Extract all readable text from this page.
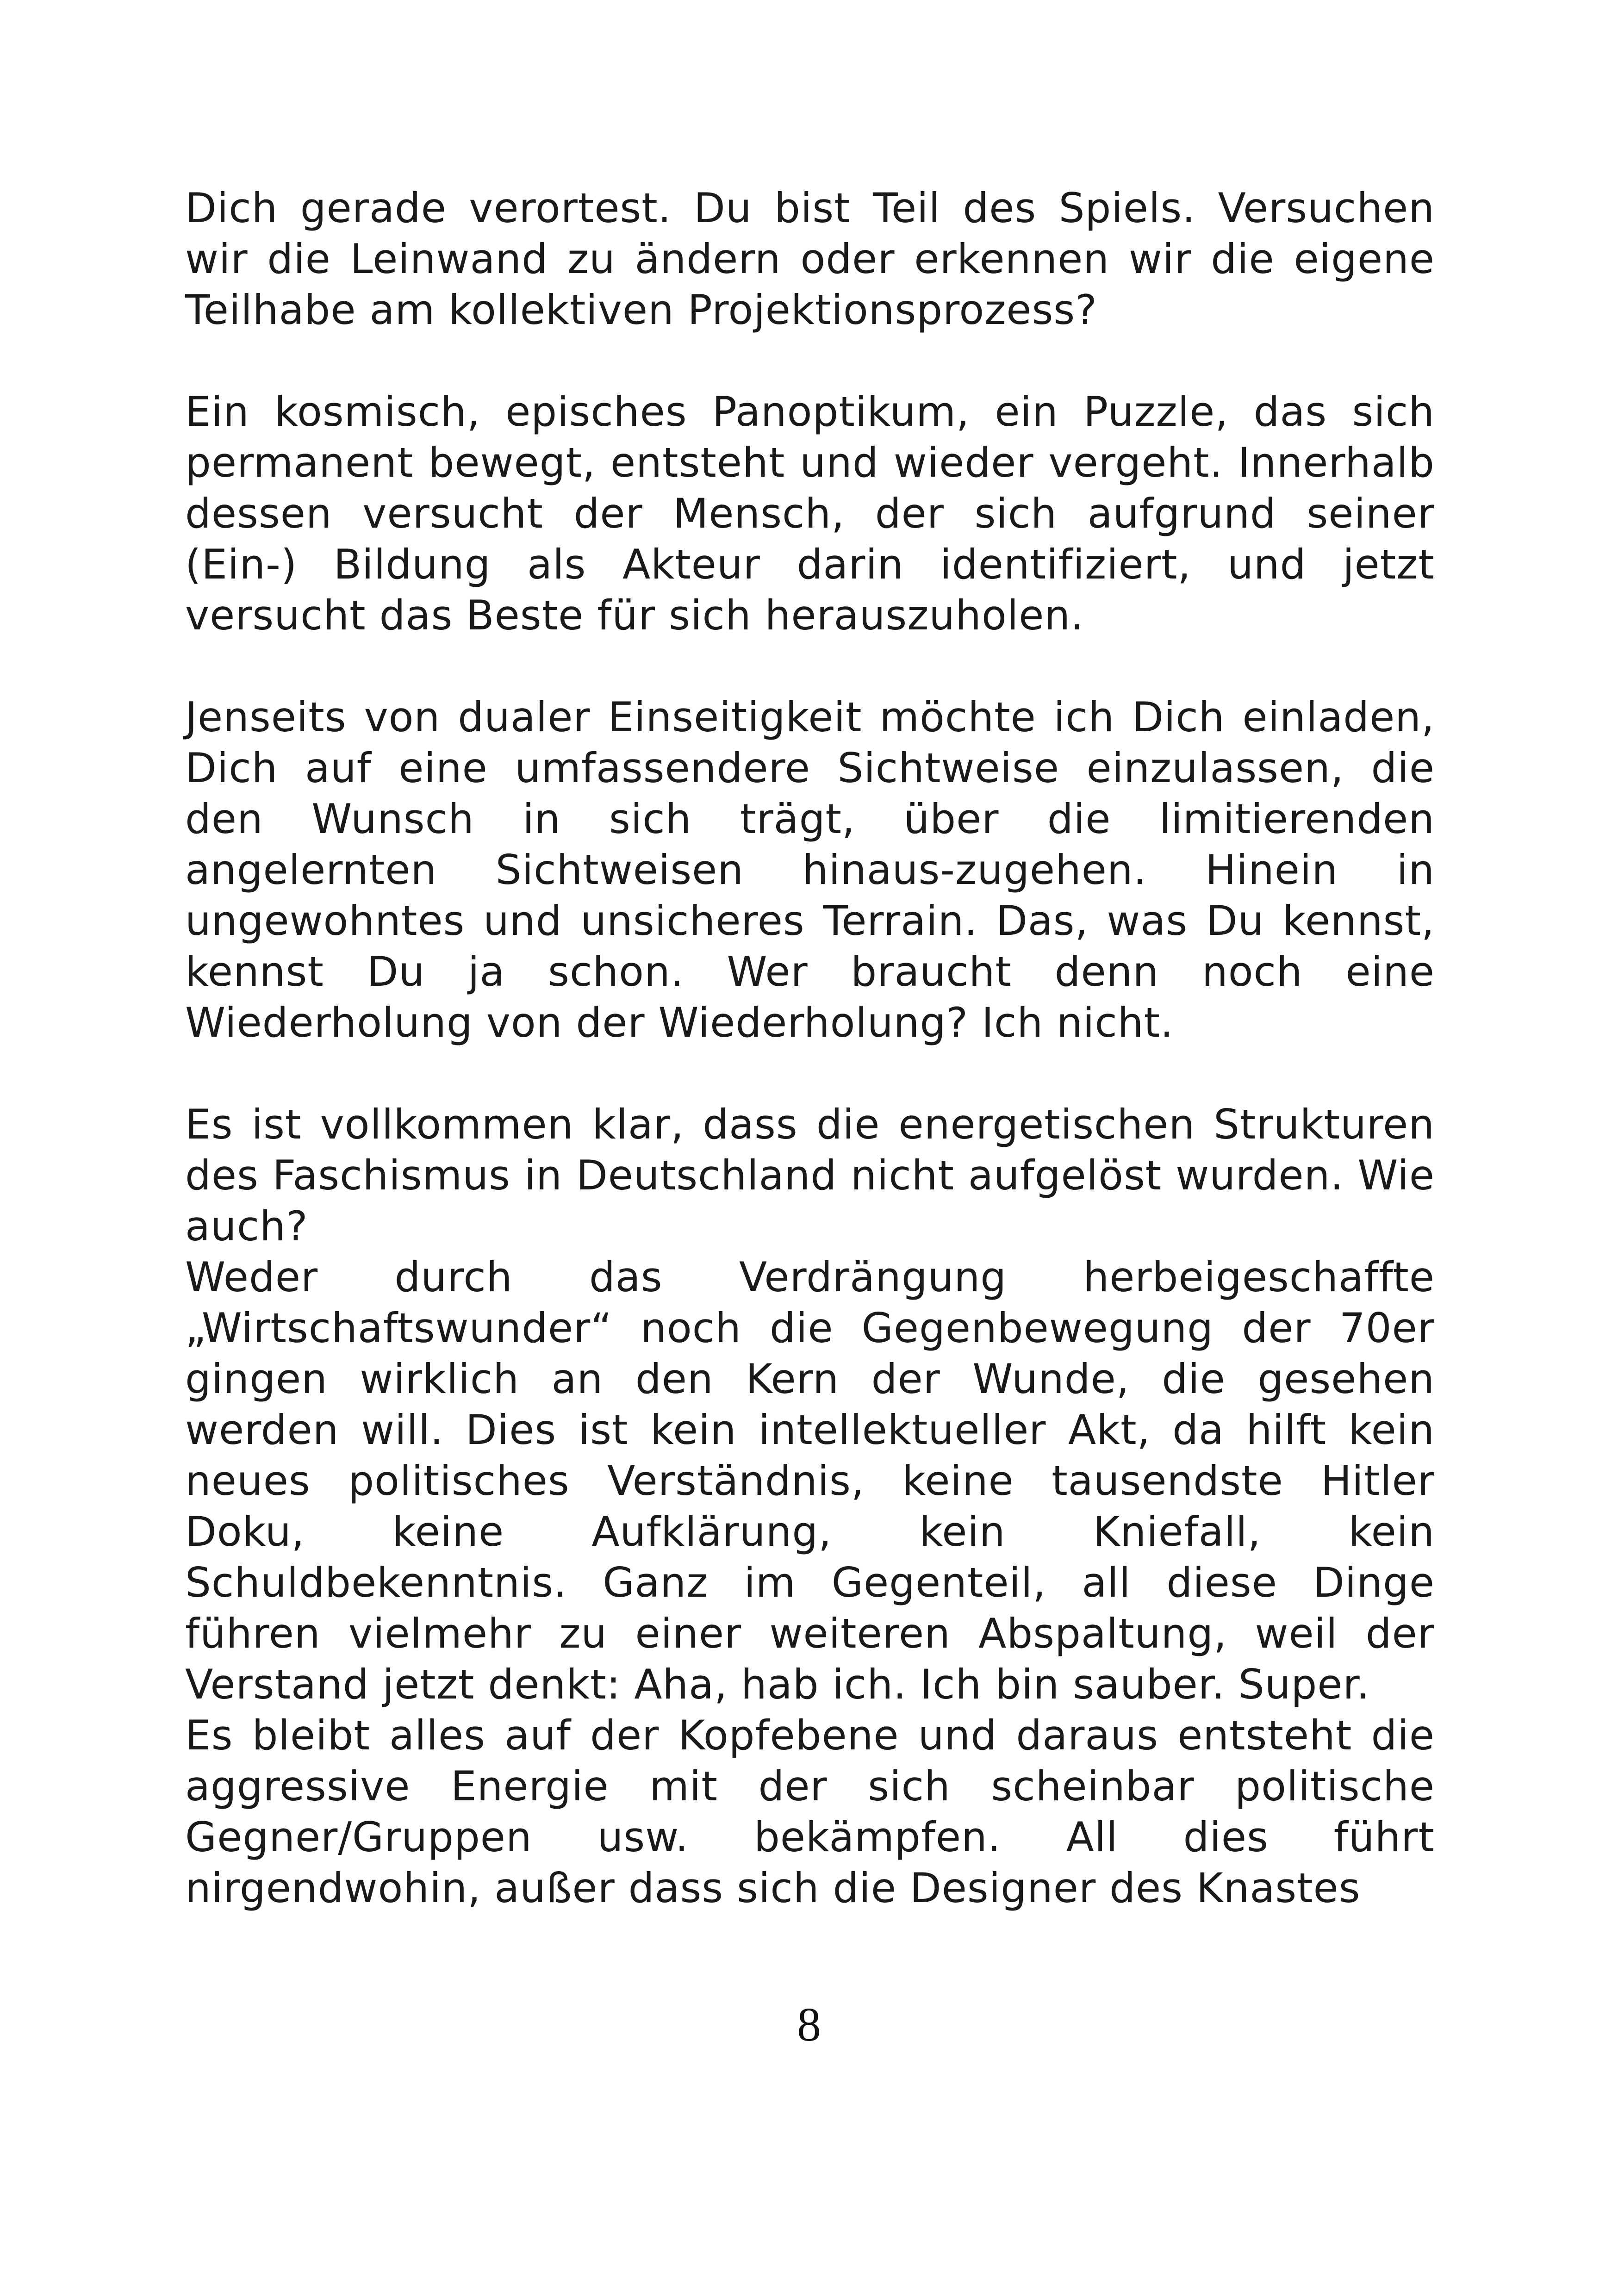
Dich gerade verortest. Du bist Teil des Spiels. Versuchen wir die Leinwand zu ändern oder erkennen wir die eigene Teilhabe am kollektiven Projektionsprozess?

Ein kosmisch, episches Panoptikum, ein Puzzle, das sich permanent bewegt, entsteht und wieder vergeht. Innerhalb dessen versucht der Mensch, der sich aufgrund seiner (Ein-) Bildung als Akteur darin identifiziert, und jetzt versucht das Beste für sich herauszuholen.

Jenseits von dualer Einseitigkeit möchte ich Dich einladen, Dich auf eine umfassendere Sichtweise einzulassen, die den Wunsch in sich trägt, über die limitierenden angelernten Sichtweisen hinaus-zugehen. Hinein in ungewohntes und unsicheres Terrain. Das, was Du kennst, kennst Du ja schon. Wer braucht denn noch eine Wiederholung von der Wiederholung? Ich nicht.

Es ist vollkommen klar, dass die energetischen Strukturen des Faschismus in Deutschland nicht aufgelöst wurden. Wie auch?

Weder durch das Verdrängung herbeigeschaffte „Wirtschaftswunder“ noch die Gegenbewegung der 70er gingen wirklich an den Kern der Wunde, die gesehen werden will. Dies ist kein intellektueller Akt, da hilft kein neues politisches Verständnis, keine tausendste Hitler Doku, keine Aufklärung, kein Kniefall, kein Schuldbekenntnis. Ganz im Gegenteil, all diese Dinge führen vielmehr zu einer weiteren Abspaltung, weil der Verstand jetzt denkt: Aha, hab ich. Ich bin sauber. Super.

Es bleibt alles auf der Kopfebene und daraus entsteht die aggressive Energie mit der sich scheinbar politische Gegner/Gruppen usw. bekämpfen. All dies führt nirgendwohin, außer dass sich die Designer des Knastes

8
